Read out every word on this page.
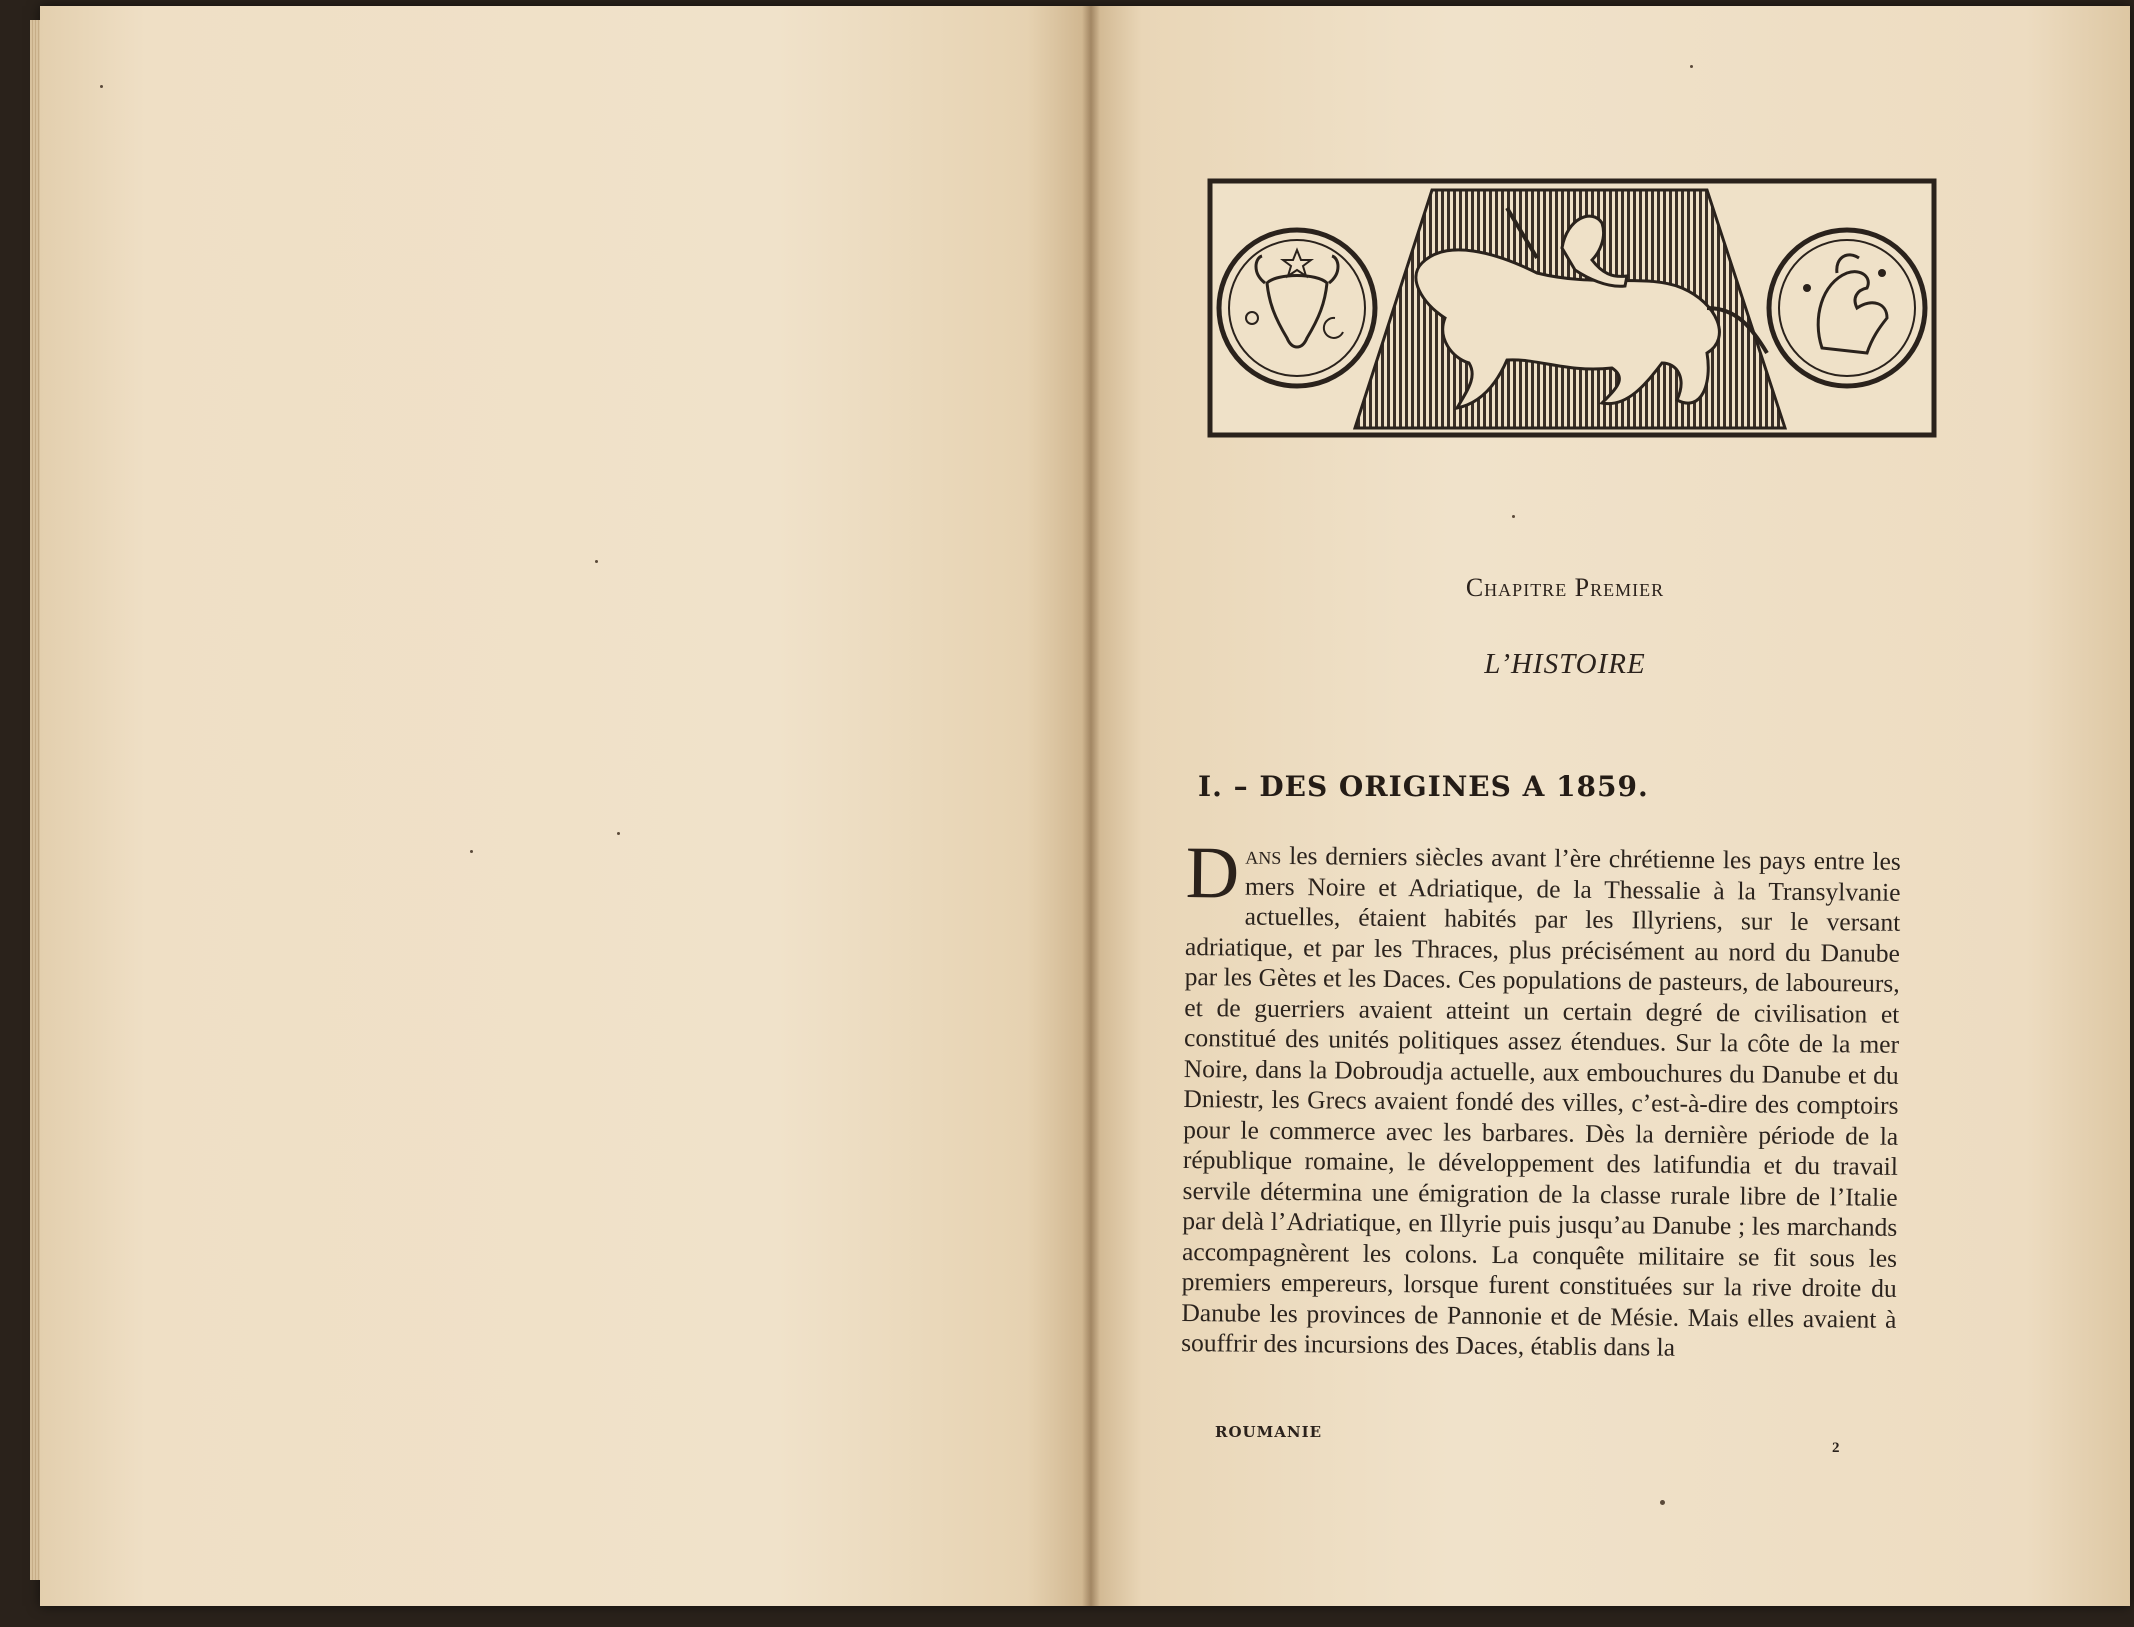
Chapitre Premier
L’HISTOIRE
I. – DES ORIGINES A 1859.

Dans les derniers siècles avant l’ère chrétienne les pays entre les mers Noire et Adriatique, de la Thessalie à la Transylvanie actuelles, étaient habités par les Illyriens, sur le versant adriatique, et par les Thraces, plus précisément au nord du Danube par les Gètes et les Daces. Ces populations de pasteurs, de laboureurs, et de guerriers avaient atteint un certain degré de civilisation et constitué des unités politiques assez étendues. Sur la côte de la mer Noire, dans la Dobroudja actuelle, aux embouchures du Danube et du Dniestr, les Grecs avaient fondé des villes, c’est-à-dire des comptoirs pour le commerce avec les barbares. Dès la dernière période de la république romaine, le développement des latifundia et du travail servile détermina une émigration de la classe rurale libre de l’Italie par delà l’Adriatique, en Illyrie puis jusqu’au Danube ; les marchands accompagnèrent les colons. La conquête militaire se fit sous les premiers empereurs, lorsque furent constituées sur la rive droite du Danube les provinces de Pannonie et de Mésie. Mais elles avaient à souffrir des incursions des Daces, établis dans la

ROUMANIE
2
